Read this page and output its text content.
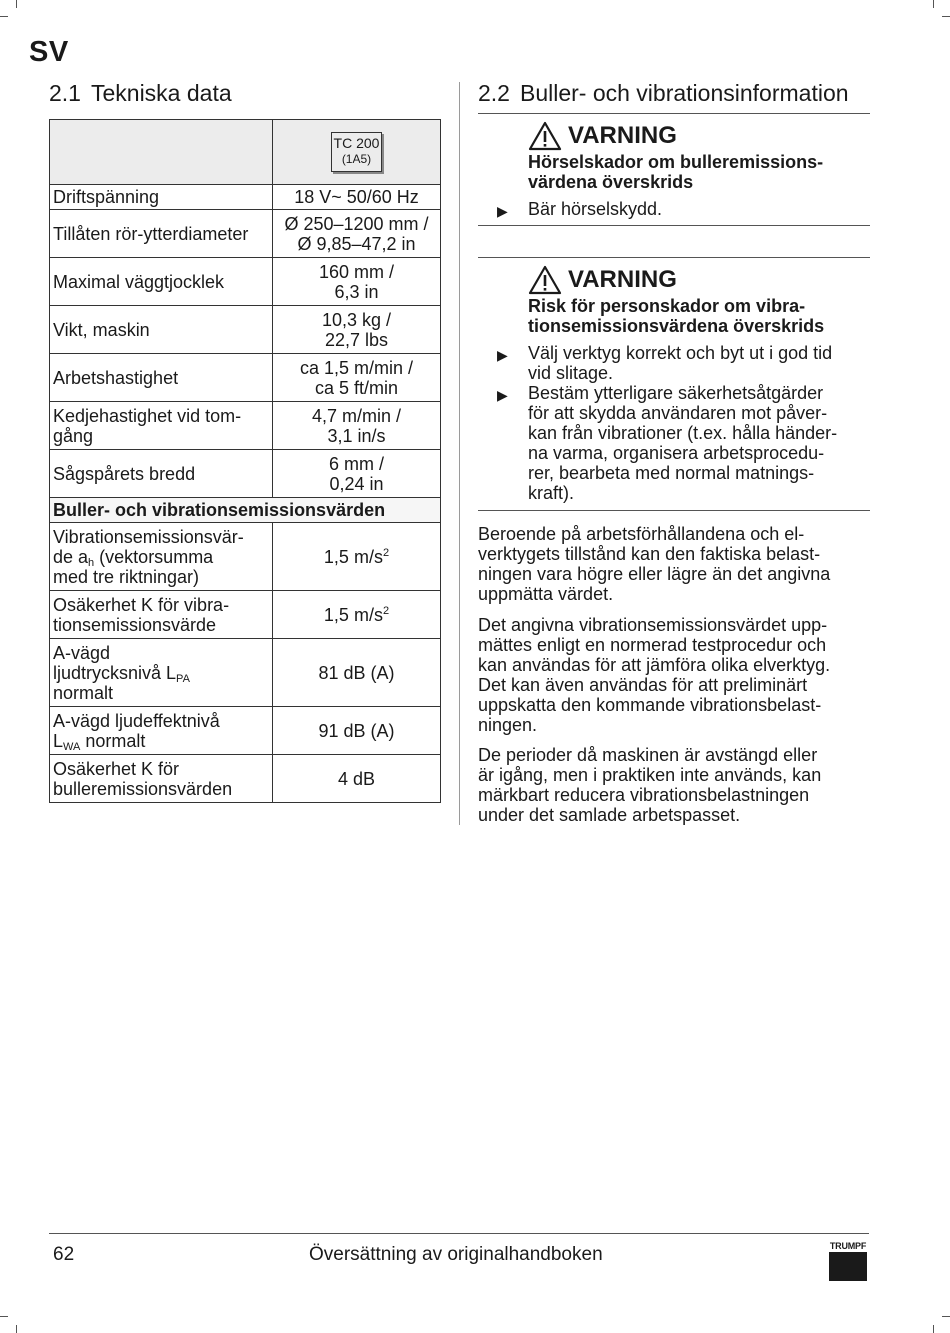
SV
2.1 Tekniska data
	TC 200
(1A5)

Driftspänning	18 V~ 50/60 Hz
Tillåten rör-ytterdiameter	Ø 250–1200 mm /
Ø 9,85–47,2 in
Maximal väggtjocklek	160 mm /
6,3 in
Vikt, maskin	10,3 kg /
22,7 lbs
Arbetshastighet	ca 1,5 m/min /
ca 5 ft/min
Kedjehastighet vid tom-
gång	4,7 m/min /
3,1 in/s
Sågspårets bredd	6 mm /
0,24 in
Buller- och vibrationsemissionsvärden	
Vibrationsemissionsvär-
de $a_h$ (vektorsumma
med tre riktningar)	1,5 $m/s^2$
Osäkerhet K för vibra-
tionsemissionsvärde	1,5 $m/s^2$
A-vägd
ljudtrycksnivå $L_{PA}$
normalt	81 dB (A)
A-vägd ljudeffektnivå
$L_{WA}$ normalt	91 dB (A)
Osäkerhet K för
bulleremissionsvärden	4 dB
2.2 Buller- och vibrationsinformation
VARNING
Hörselskador om bulleremissions-
värdena överskrids
▶	Bär hörselskydd.
VARNING
Risk för personskador om vibra-
tionsemissionsvärdena överskrids
▶	Välj verktyg korrekt och byt ut i god tid
vid slitage.
▶	Bestäm ytterligare säkerhetsåtgärder
för att skydda användaren mot påver-
kan från vibrationer (t.ex. hålla händer-
na varma, organisera arbetsprocedu-
rer, bearbeta med normal matnings-
kraft).

Beroende på arbetsförhållandena och el-
verktygets tillstånd kan den faktiska belast-
ningen vara högre eller lägre än det angivna
uppmätta värdet.

Det angivna vibrationsemissionsvärdet upp-
mättes enligt en normerad testprocedur och
kan användas för att jämföra olika elverktyg.
Det kan även användas för att preliminärt
uppskatta den kommande vibrationsbelast-
ningen.

De perioder då maskinen är avstängd eller
är igång, men i praktiken inte används, kan
märkbart reducera vibrationsbelastningen
under det samlade arbetspasset.

62	Översättning av originalhandboken	TRUMPF
